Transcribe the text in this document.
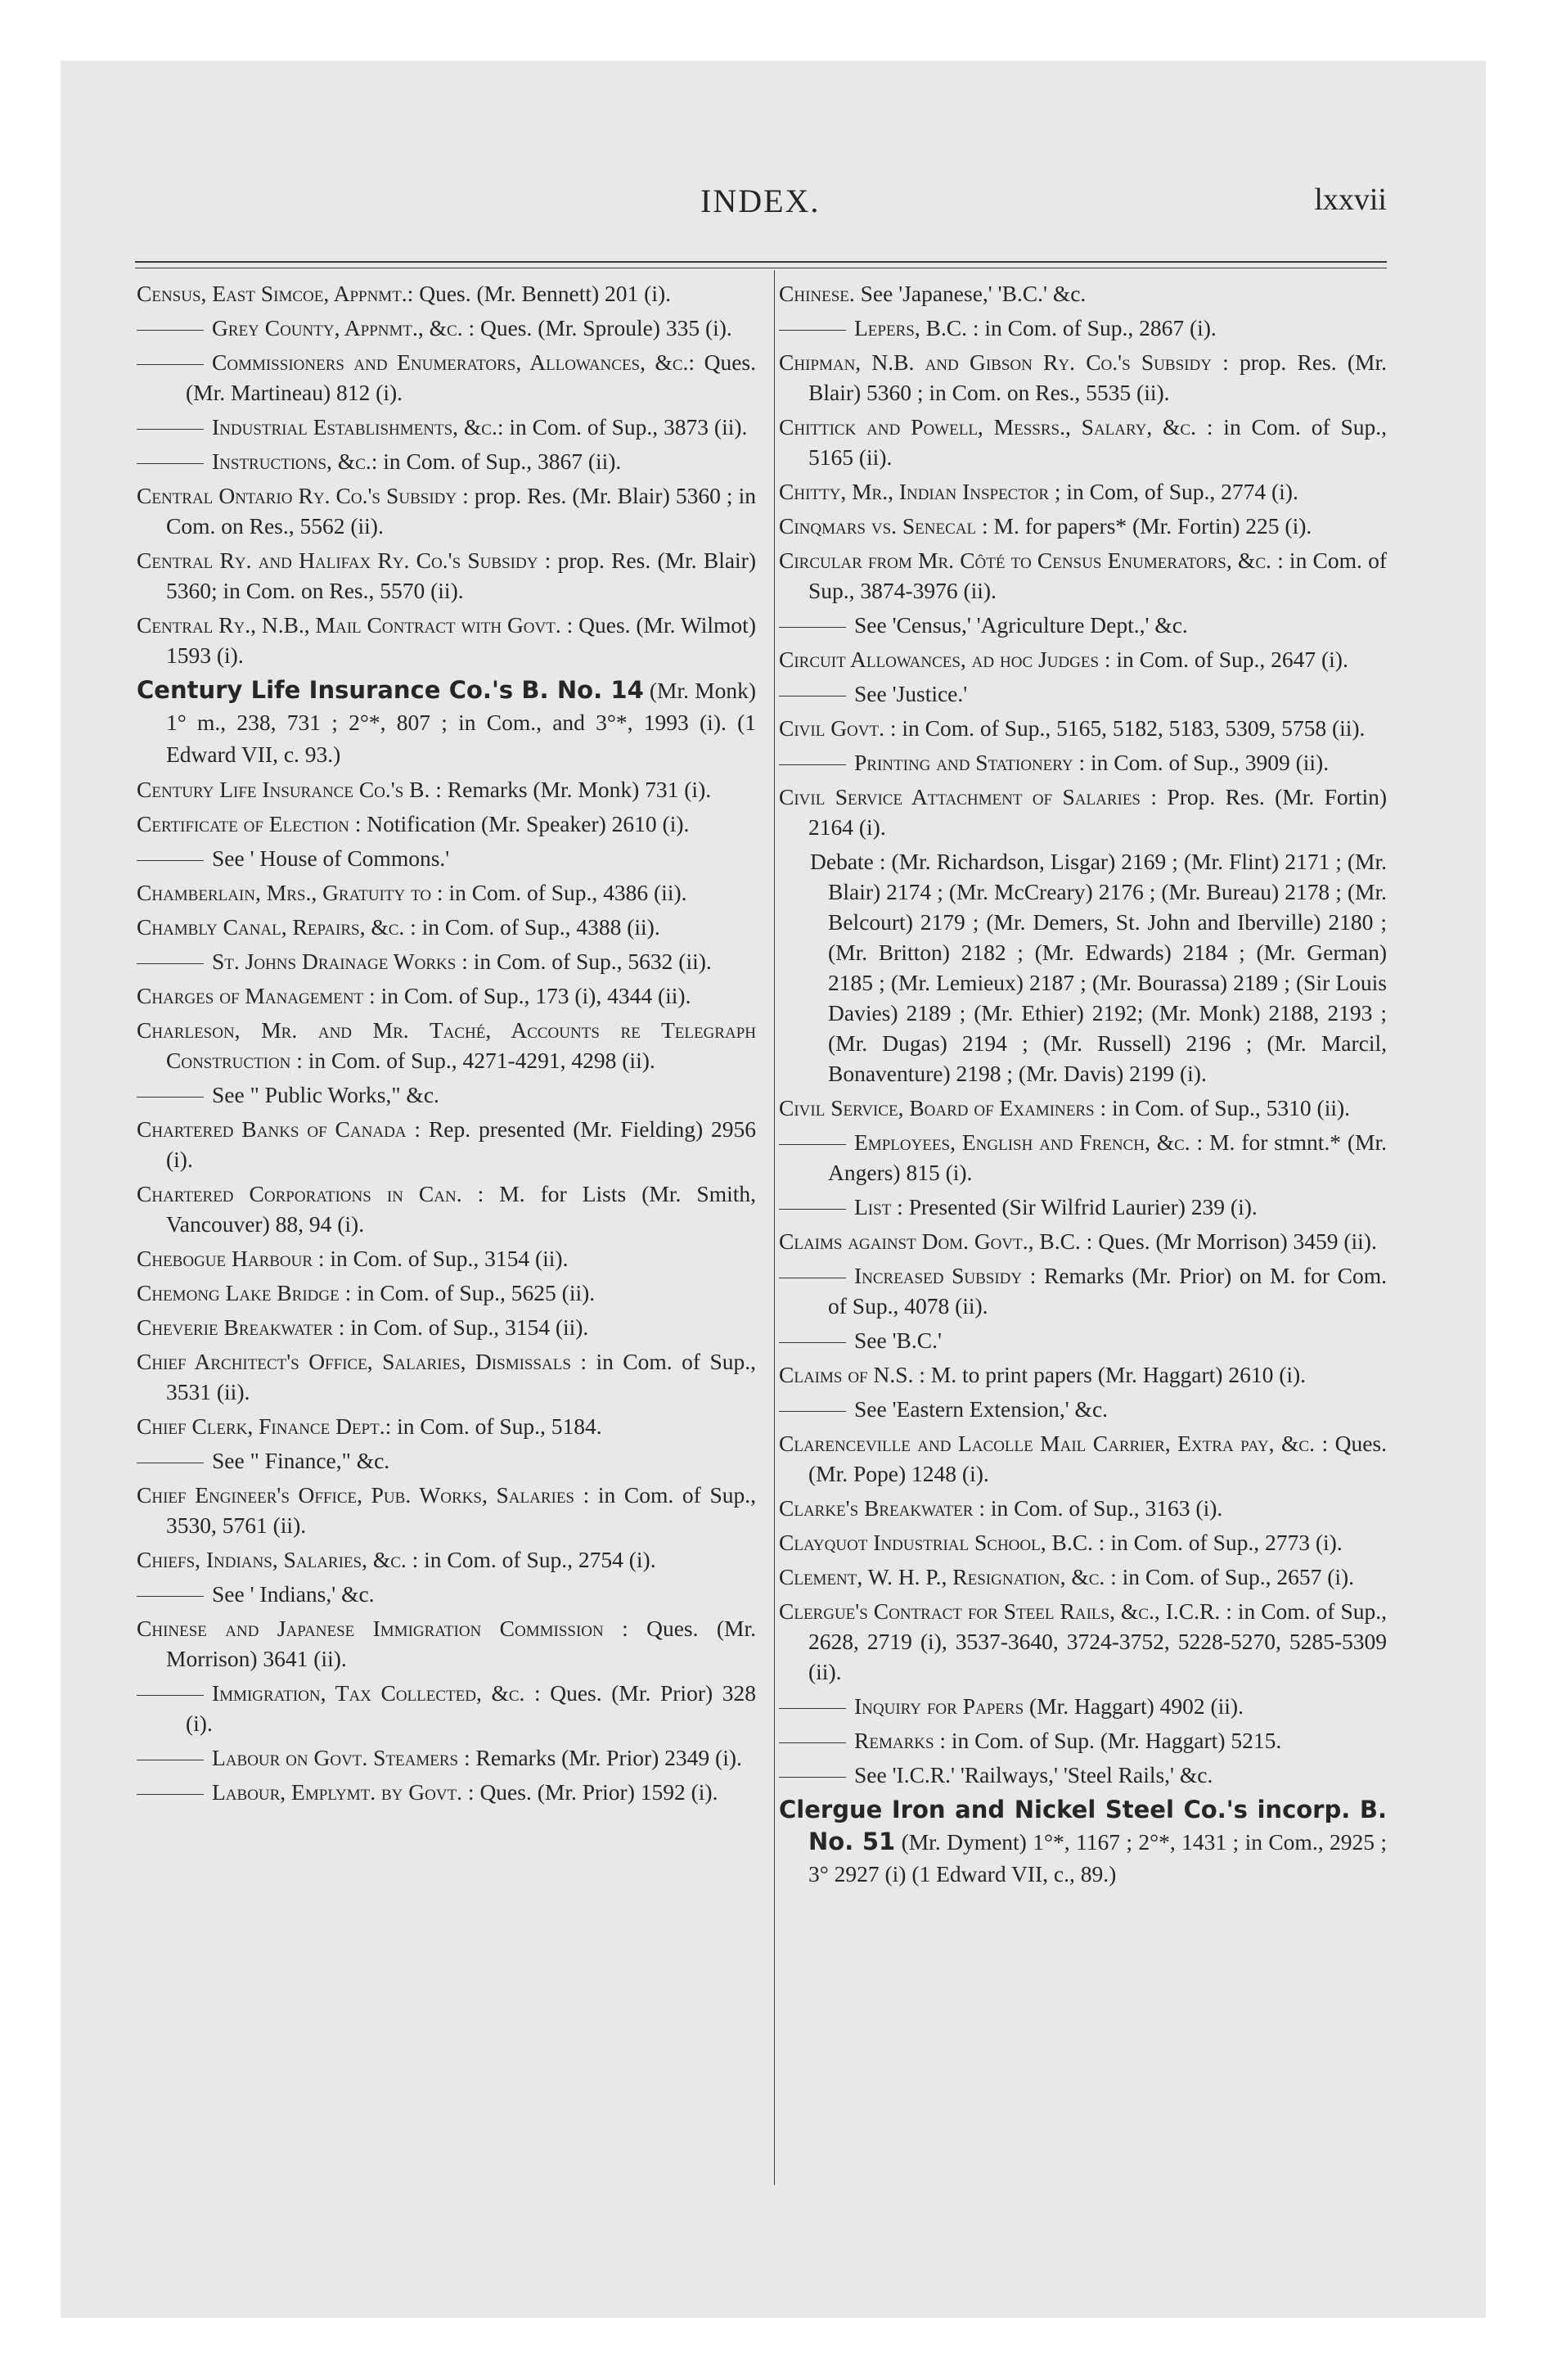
INDEX.	lxxvii
Census, East Simcoe, Appnmt.: Ques. (Mr. Bennett) 201 (i).
Grey County, Appnmt., &c. : Ques. (Mr. Sproule) 335 (i).
Commissioners and Enumerators, Allowances, &c.: Ques. (Mr. Martineau) 812 (i).
Industrial Establishments, &c.: in Com. of Sup., 3873 (ii).
Instructions, &c.: in Com. of Sup., 3867 (ii).
Central Ontario Ry. Co.'s Subsidy : prop. Res. (Mr. Blair) 5360 ; in Com. on Res., 5562 (ii).
Central Ry. and Halifax Ry. Co.'s Subsidy : prop. Res. (Mr. Blair) 5360; in Com. on Res., 5570 (ii).
Central Ry., N.B., Mail Contract with Govt. : Ques. (Mr. Wilmot) 1593 (i).
Century Life Insurance Co.'s B. No. 14 (Mr. Monk) 1° m., 238, 731 ; 2°*, 807 ; in Com., and 3°*, 1993 (i). (1 Edward VII, c. 93.)
Century Life Insurance Co.'s B. : Remarks (Mr. Monk) 731 (i).
Certificate of Election : Notification (Mr. Speaker) 2610 (i).
See ' House of Commons.'
Chamberlain, Mrs., Gratuity to : in Com. of Sup., 4386 (ii).
Chambly Canal, Repairs, &c. : in Com. of Sup., 4388 (ii).
St. Johns Drainage Works : in Com. of Sup., 5632 (ii).
Charges of Management : in Com. of Sup., 173 (i), 4344 (ii).
Charleson, Mr. and Mr. Taché, Accounts re Telegraph Construction : in Com. of Sup., 4271-4291, 4298 (ii).
See " Public Works," &c.
Chartered Banks of Canada : Rep. presented (Mr. Fielding) 2956 (i).
Chartered Corporations in Can. : M. for Lists (Mr. Smith, Vancouver) 88, 94 (i).
Chebogue Harbour : in Com. of Sup., 3154 (ii).
Chemong Lake Bridge : in Com. of Sup., 5625 (ii).
Cheverie Breakwater : in Com. of Sup., 3154 (ii).
Chief Architect's Office, Salaries, Dismissals : in Com. of Sup., 3531 (ii).
Chief Clerk, Finance Dept.: in Com. of Sup., 5184.
See " Finance," &c.
Chief Engineer's Office, Pub. Works, Salaries : in Com. of Sup., 3530, 5761 (ii).
Chiefs, Indians, Salaries, &c. : in Com. of Sup., 2754 (i).
See ' Indians,' &c.
Chinese and Japanese Immigration Commission : Ques. (Mr. Morrison) 3641 (ii).
Immigration, Tax Collected, &c. : Ques. (Mr. Prior) 328 (i).
Labour on Govt. Steamers : Remarks (Mr. Prior) 2349 (i).
Labour, Emplymt. by Govt. : Ques. (Mr. Prior) 1592 (i).
Chinese. See 'Japanese,' 'B.C.' &c.
Lepers, B.C. : in Com. of Sup., 2867 (i).
Chipman, N.B. and Gibson Ry. Co.'s Subsidy : prop. Res. (Mr. Blair) 5360 ; in Com. on Res., 5535 (ii).
Chittick and Powell, Messrs., Salary, &c. : in Com. of Sup., 5165 (ii).
Chitty, Mr., Indian Inspector ; in Com, of Sup., 2774 (i).
Cinqmars vs. Senecal : M. for papers* (Mr. Fortin) 225 (i).
Circular from Mr. Côté to Census Enumerators, &c. : in Com. of Sup., 3874-3976 (ii).
See 'Census,' 'Agriculture Dept.,' &c.
Circuit Allowances, ad hoc Judges : in Com. of Sup., 2647 (i).
See 'Justice.'
Civil Govt. : in Com. of Sup., 5165, 5182, 5183, 5309, 5758 (ii).
Printing and Stationery : in Com. of Sup., 3909 (ii).
Civil Service Attachment of Salaries : Prop. Res. (Mr. Fortin) 2164 (i).
Debate : (Mr. Richardson, Lisgar) 2169 ; (Mr. Flint) 2171 ; (Mr. Blair) 2174 ; (Mr. McCreary) 2176 ; (Mr. Bureau) 2178 ; (Mr. Belcourt) 2179 ; (Mr. Demers, St. John and Iberville) 2180 ; (Mr. Britton) 2182 ; (Mr. Edwards) 2184 ; (Mr. German) 2185 ; (Mr. Lemieux) 2187 ; (Mr. Bourassa) 2189 ; (Sir Louis Davies) 2189 ; (Mr. Ethier) 2192; (Mr. Monk) 2188, 2193 ; (Mr. Dugas) 2194 ; (Mr. Russell) 2196 ; (Mr. Marcil, Bonaventure) 2198 ; (Mr. Davis) 2199 (i).
Civil Service, Board of Examiners : in Com. of Sup., 5310 (ii).
Employees, English and French, &c. : M. for stmnt.* (Mr. Angers) 815 (i).
List : Presented (Sir Wilfrid Laurier) 239 (i).
Claims against Dom. Govt., B.C. : Ques. (Mr Morrison) 3459 (ii).
Increased Subsidy : Remarks (Mr. Prior) on M. for Com. of Sup., 4078 (ii).
See 'B.C.'
Claims of N.S. : M. to print papers (Mr. Haggart) 2610 (i).
See 'Eastern Extension,' &c.
Clarenceville and Lacolle Mail Carrier, Extra pay, &c. : Ques. (Mr. Pope) 1248 (i).
Clarke's Breakwater : in Com. of Sup., 3163 (i).
Clayquot Industrial School, B.C. : in Com. of Sup., 2773 (i).
Clement, W. H. P., Resignation, &c. : in Com. of Sup., 2657 (i).
Clergue's Contract for Steel Rails, &c., I.C.R. : in Com. of Sup., 2628, 2719 (i), 3537-3640, 3724-3752, 5228-5270, 5285-5309 (ii).
Inquiry for Papers (Mr. Haggart) 4902 (ii).
Remarks : in Com. of Sup. (Mr. Haggart) 5215.
See 'I.C.R.' 'Railways,' 'Steel Rails,' &c.
Clergue Iron and Nickel Steel Co.'s incorp. B. No. 51 (Mr. Dyment) 1°*, 1167 ; 2°*, 1431 ; in Com., 2925 ; 3° 2927 (i) (1 Edward VII, c., 89.)
